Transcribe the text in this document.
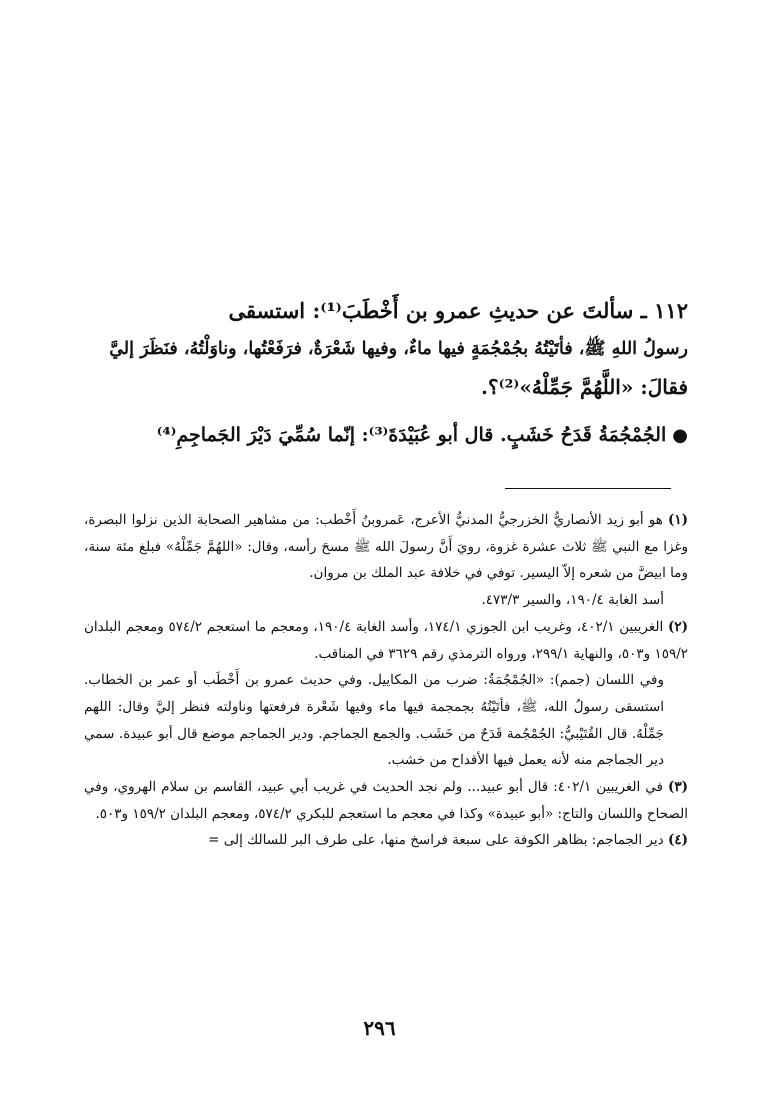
١١٢ ـ سألتَ عن حديثِ عمرو بن أَخْطَبَ⁽¹⁾: استسقى

رسولُ اللهِ ﷺ، فأتَيْتُهُ بجُمْجُمَةٍ فيها ماءٌ، وفيها شَعْرَةٌ، فرَفَعْتُها، وناوَلْتُهُ، فنَظَرَ إليَّ

فقالَ: «اللَّهُمَّ جَمِّلْهُ»⁽²⁾؟.

● الجُمْجُمَةُ قَدَحُ خَشَبٍ. قال أبو عُبَيْدَةَ⁽³⁾: إنّما سُمِّيَ دَيْرَ الجَماجِمِ⁽⁴⁾

(١) هو أبو زيد الأنصاريُّ الخزرجيُّ المدنيُّ الأعرج، عَمروبنُ أَخْطب: من مشاهير الصحابة الذين نزلوا البصرة، وغزا مع النبي ﷺ ثلاث عشرة غزوة، رويَ أَنَّ رسولَ الله ﷺ مسحَ رأسه، وقال: «اللهُمَّ جَمِّلْهُ» فبلغ مئة سنة، وما ابيضَّ من شعره إلاّ اليسير. توفي في خلافة عبد الملك بن مروان.

أسد الغابة ١٩٠/٤، والسير ٤٧٣/٣.

(٢) الغريبين ٤٠٢/١، وغريب ابن الجوزي ١٧٤/١، وأسد الغابة ١٩٠/٤، ومعجم ما استعجم ٥٧٤/٢ ومعجم البلدان ١٥٩/٢ و٥٠٣، والنهاية ٢٩٩/١، ورواه الترمذي رقم ٣٦٢٩ في المناقب.

وفي اللسان (جمم): «الجُمْجُمَةُ: ضرب من المكاييل. وفي حديث عمرو بن أَخْطَب أو عمر بن الخطاب. استسقى رسولُ الله، ﷺ، فأتَيْتُهُ بجمجمة فيها ماء وفيها شَعْرة فرفعتها وناولته فنظر إليَّ وقال: اللهم جَمِّلْهُ. قال القُتَيْبيُّ: الجُمْجُمة قَدَحٌ من خَشَب. والجمع الجماجم. ودير الجماجم موضع قال أبو عبيدة. سمي دير الجماجم منه لأنه يعمل فيها الأقداح من خشب.

(٣) في الغريبين ٤٠٢/١: قال أبو عبيد... ولم نجد الحديث في غريب أبي عبيد، القاسم بن سلام الهروي، وفي الصحاح واللسان والتاج: «أبو عبيدة» وكذا في معجم ما استعجم للبكري ٥٧٤/٢، ومعجم البلدان ١٥٩/٢ و٥٠٣.

(٤) دير الجماجم: بظاهر الكوفة على سبعة فراسخ منها، على طرف البر للسالك إلى =

٢٩٦
